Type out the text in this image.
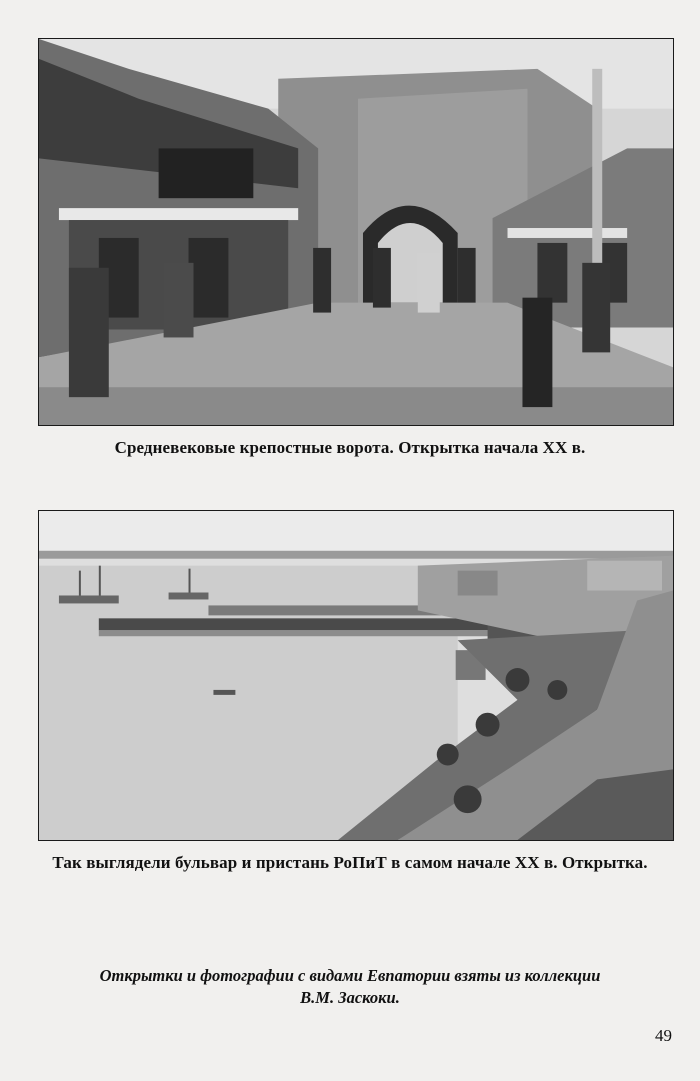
Средневековые крепостные ворота. Открытка начала XX в.
Так выглядели бульвар и пристань РоПиТ в самом начале XX в. Открытка.
Открытки и фотографии с видами Евпатории взяты из коллекции
В.М. Заскоки.
49
